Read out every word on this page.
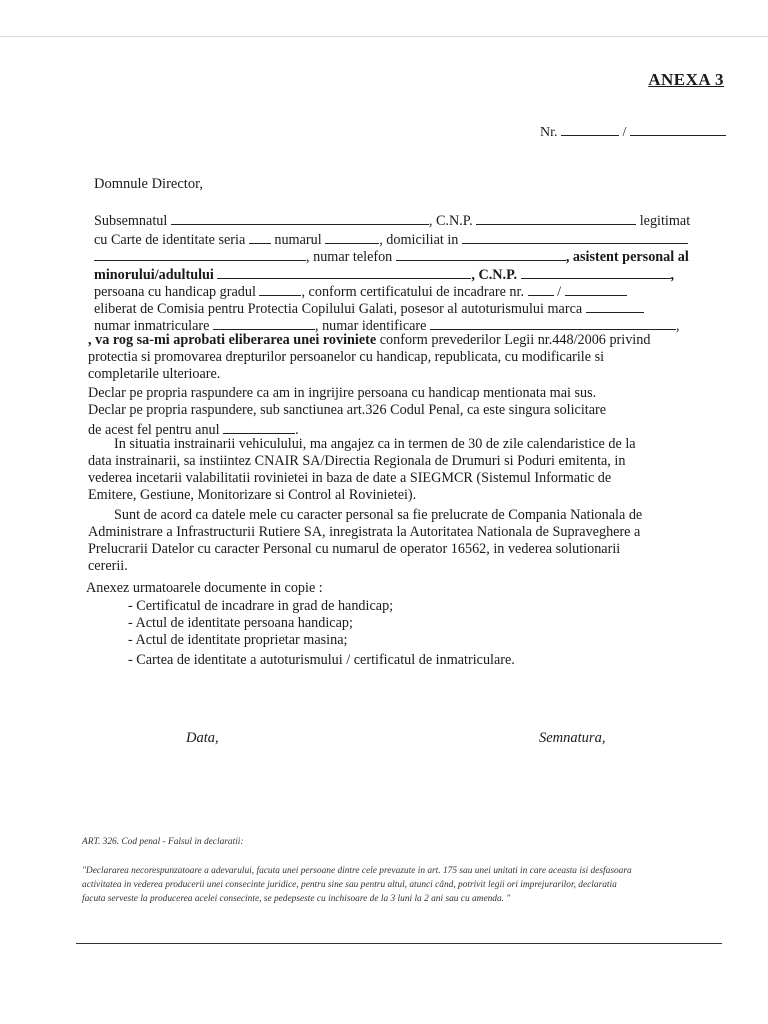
ANEXA 3
Nr.	/
Domnule Director,
Subsemnatul	, C.N.P.	legitimat
cu Carte de identitate seria numarul	, domiciliat in
, numar telefon	, asistent personal al
minorului/adultului	, C.N.P.	,
persoana cu handicap gradul	, conform certificatului de incadrare nr. /
eliberat de Comisia pentru Protectia Copilului Galati, posesor al autoturismului marca
numar inmatriculare	, numar identificare	,
, va rog sa-mi aprobati eliberarea unei roviniete conform prevederilor Legii nr.448/2006 privind
protectia si promovarea drepturilor persoanelor cu handicap, republicata, cu modificarile si
completarile ulterioare.
Declar pe propria raspundere ca am in ingrijire persoana cu handicap mentionata mai sus.
Declar pe propria raspundere, sub sanctiunea art.326 Codul Penal, ca este singura solicitare
de acest fel pentru anul	.
In situatia instrainarii vehiculului, ma angajez ca in termen de 30 de zile calendaristice de la
data instrainarii, sa instiintez CNAIR SA/Directia Regionala de Drumuri si Poduri emitenta, in
vederea incetarii valabilitatii rovinietei in baza de date a SIEGMCR (Sistemul Informatic de
Emitere, Gestiune, Monitorizare si Control al Rovinietei).
Sunt de acord ca datele mele cu caracter personal sa fie prelucrate de Compania Nationala de
Administrare a Infrastructurii Rutiere SA, inregistrata la Autoritatea Nationala de Supraveghere a
Prelucrarii Datelor cu caracter Personal cu numarul de operator 16562, in vederea solutionarii
cererii.
Anexez urmatoarele documente in copie :
- Certificatul de incadrare in grad de handicap;
- Actul de identitate persoana handicap;
- Actul de identitate proprietar masina;
- Cartea de identitate a autoturismului / certificatul de inmatriculare.
Data,	Semnatura,
ART. 326. Cod penal - Falsul in declaratii:
"Declararea necorespunzatoare a adevarului, facuta unei persoane dintre cele prevazute in art. 175 sau unei unitati in care aceasta isi desfasoara
activitatea in vederea producerii unei consecinte juridice, pentru sine sau pentru altul, atunci când, potrivit legii ori imprejurarilor, declaratia
facuta serveste la producerea acelei consecinte, se pedepseste cu inchisoare de la 3 luni la 2 ani sau cu amenda. "
